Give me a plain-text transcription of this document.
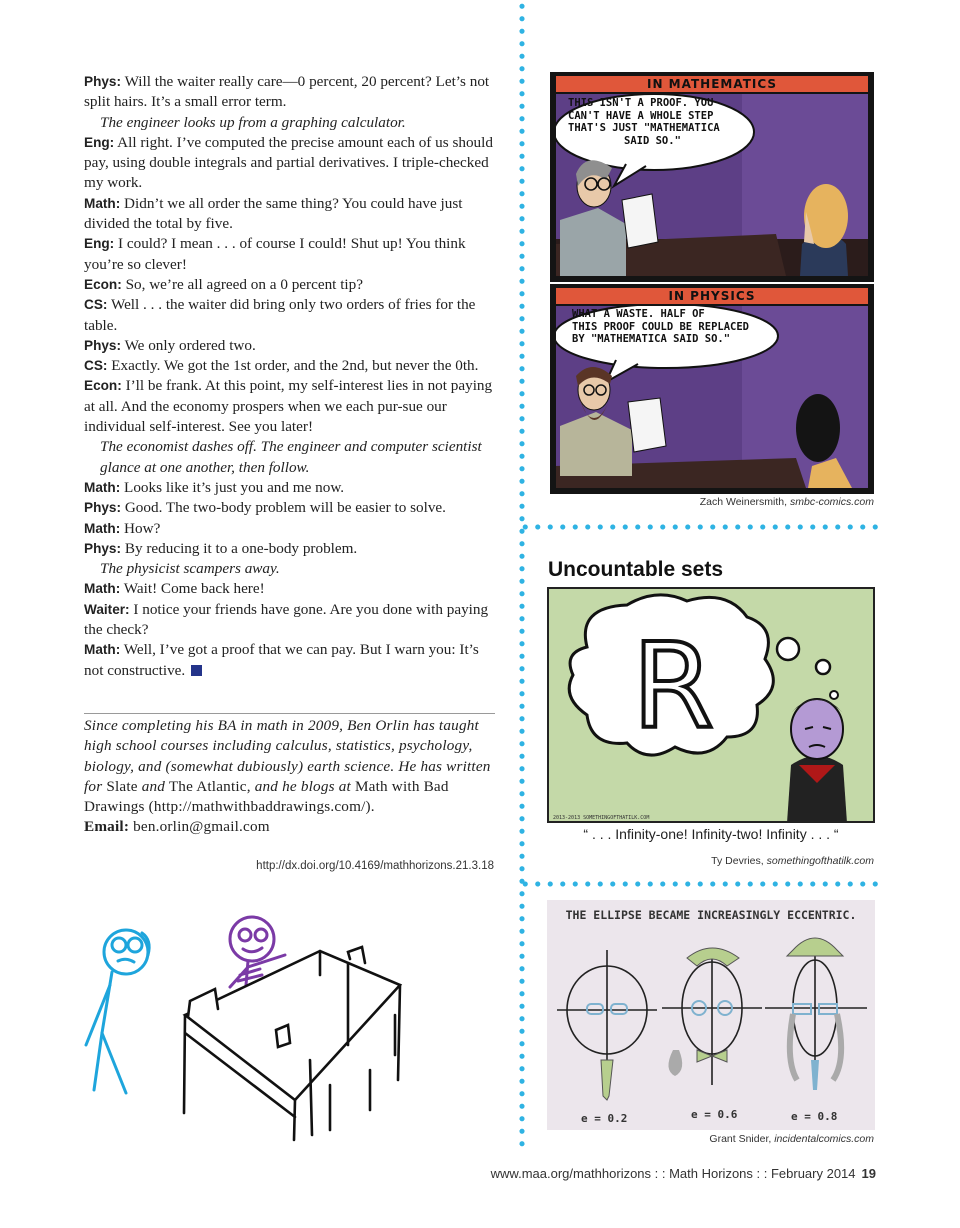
Phys: Will the waiter really care—0 percent, 20 percent? Let’s not split hairs. It’s a small error term.

The engineer looks up from a graphing calculator.

Eng: All right. I’ve computed the precise amount each of us should pay, using double integrals and partial derivatives. I triple-checked my work.

Math: Didn’t we all order the same thing? You could have just divided the total by five.

Eng: I could? I mean . . . of course I could! Shut up! You think you’re so clever!

Econ: So, we’re all agreed on a 0 percent tip?

CS: Well . . . the waiter did bring only two orders of fries for the table.

Phys: We only ordered two.

CS: Exactly. We got the 1st order, and the 2nd, but never the 0th.

Econ: I’ll be frank. At this point, my self-interest lies in not paying at all. And the economy prospers when we each pur-sue our individual self-interest. See you later!

The economist dashes off. The engineer and computer scientist glance at one another, then follow.

Math: Looks like it’s just you and me now.

Phys: Good. The two-body problem will be easier to solve.

Math: How?

Phys: By reducing it to a one-body problem.

The physicist scampers away.

Math: Wait! Come back here!

Waiter: I notice your friends have gone. Are you done with paying the check?

Math: Well, I’ve got a proof that we can pay. But I warn you: It’s not constructive.

Since completing his BA in math in 2009, Ben Orlin has taught high school courses including calculus, statistics, psychology, biology, and (somewhat dubiously) earth science. He has written for Slate and The Atlantic, and he blogs at Math with Bad Drawings (http://mathwithbaddrawings.com/).
Email: ben.orlin@gmail.com
http://dx.doi.org/10.4169/mathhorizons.21.3.18
IN MATHEMATICS
THIS ISN'T A PROOF. YOU
CAN'T HAVE A WHOLE STEP
THAT'S JUST "MATHEMATICA
SAID SO."
IN PHYSICS
WHAT A WASTE. HALF OF
THIS PROOF COULD BE REPLACED
BY "MATHEMATICA SAID SO."
Zach Weinersmith, smbc-comics.com
Uncountable sets
R
2013-2013 SOMETHINGOFTHATILK.COM
“ . . . Infinity-one! Infinity-two! Infinity . . . “
Ty Devries, somethingofthatilk.com
THE ELLIPSE BECAME INCREASINGLY ECCENTRIC.
e = 0.2	e = 0.6	e = 0.8
Grant Snider, incidentalcomics.com
www.maa.org/mathhorizons : : Math Horizons : : February 2014 19
